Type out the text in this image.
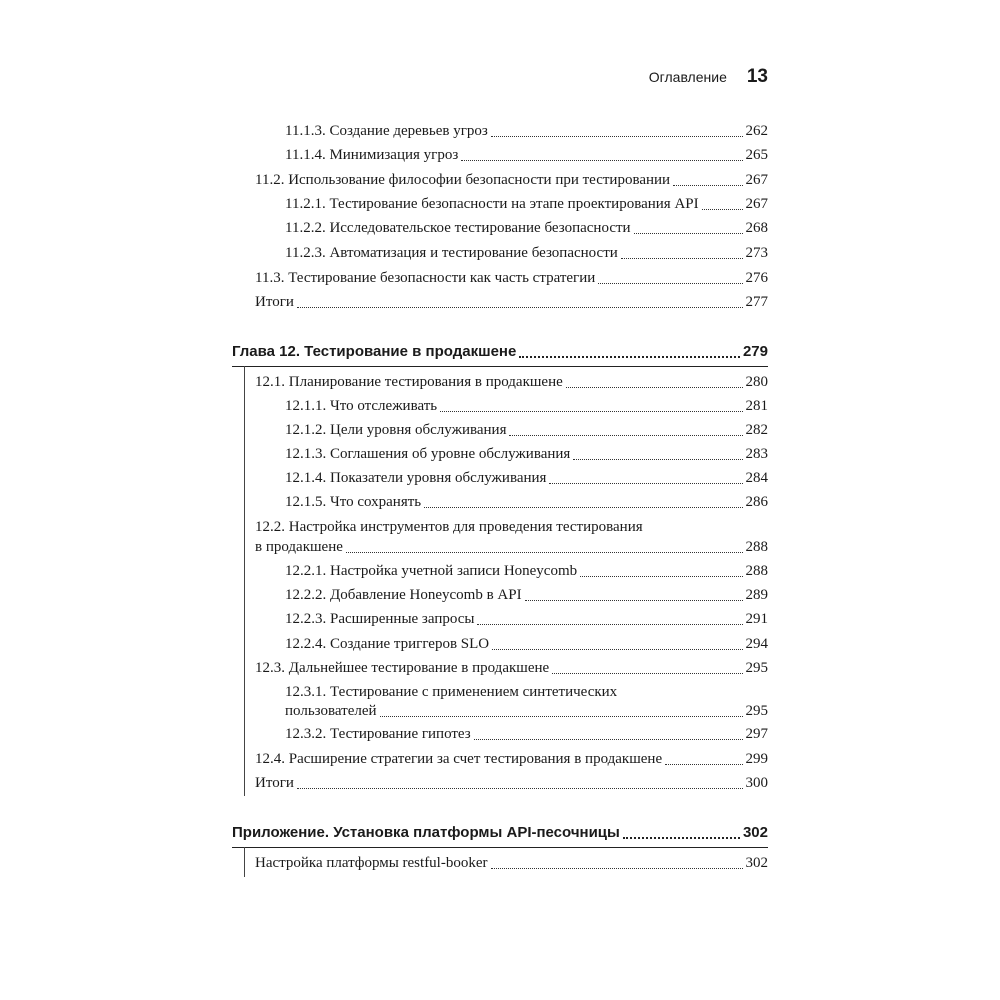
Оглавление 13
11.1.3. Создание деревьев угроз	262
11.1.4. Минимизация угроз	265
11.2. Использование философии безопасности при тестировании	267
11.2.1. Тестирование безопасности на этапе проектирования API	267
11.2.2. Исследовательское тестирование безопасности	268
11.2.3. Автоматизация и тестирование безопасности	273
11.3. Тестирование безопасности как часть стратегии	276
Итоги	277
Глава 12. Тестирование в продакшене	279
12.1. Планирование тестирования в продакшене	280
12.1.1. Что отслеживать	281
12.1.2. Цели уровня обслуживания	282
12.1.3. Соглашения об уровне обслуживания	283
12.1.4. Показатели уровня обслуживания	284
12.1.5. Что сохранять	286
12.2. Настройка инструментов для проведения тестирования
в продакшене	288
12.2.1. Настройка учетной записи Honeycomb	288
12.2.2. Добавление Honeycomb в API	289
12.2.3. Расширенные запросы	291
12.2.4. Создание триггеров SLO	294
12.3. Дальнейшее тестирование в продакшене	295
12.3.1. Тестирование с применением синтетических
пользователей	295
12.3.2. Тестирование гипотез	297
12.4. Расширение стратегии за счет тестирования в продакшене	299
Итоги	300
Приложение. Установка платформы API-песочницы	302
Настройка платформы restful-booker	302
